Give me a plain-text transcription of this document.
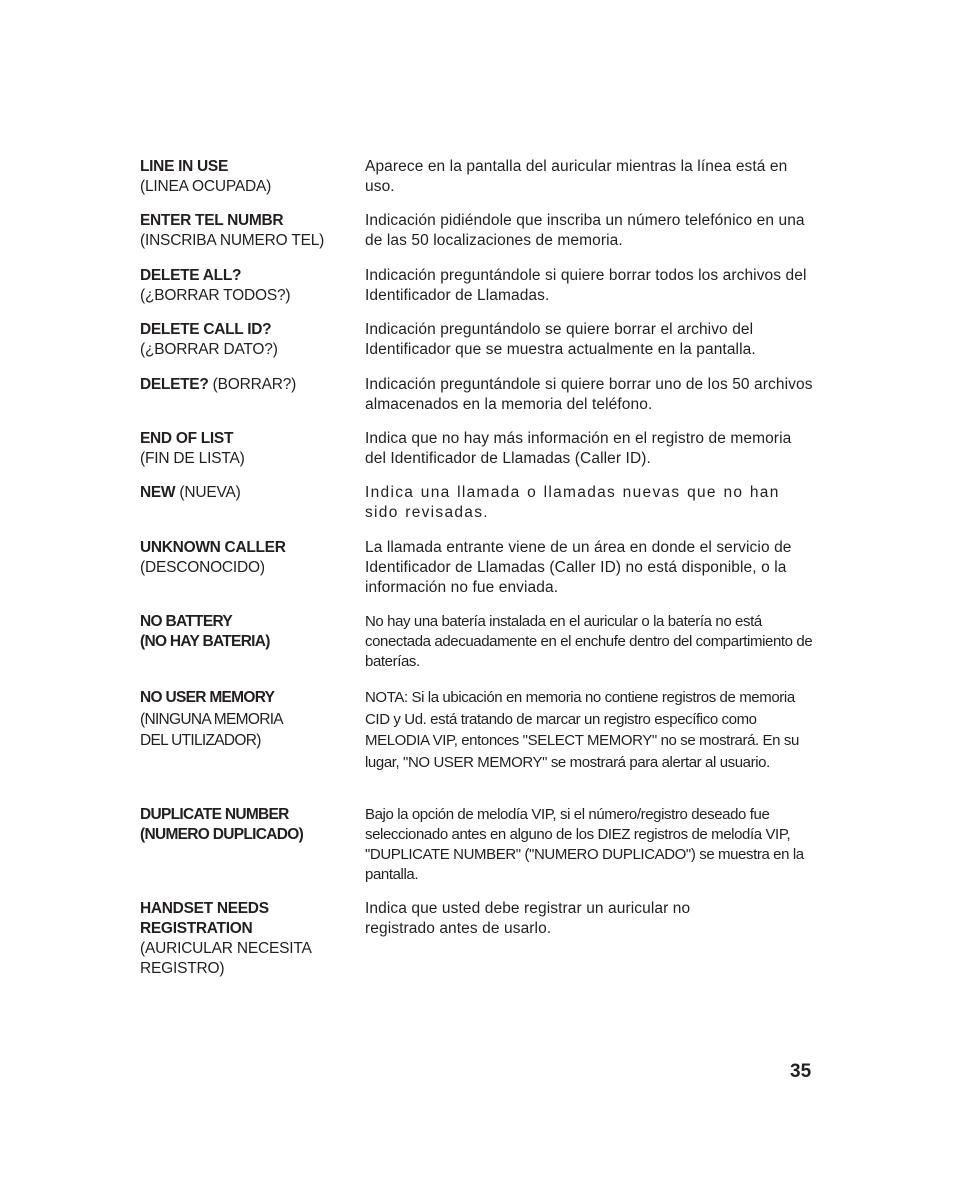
LINE IN USE
(LINEA OCUPADA)
Aparece en la pantalla del auricular mientras la línea está en uso.
ENTER TEL NUMBR
(INSCRIBA NUMERO TEL)
Indicación pidiéndole que inscriba un número telefónico en una de las 50 localizaciones de memoria.
DELETE ALL?
(¿BORRAR TODOS?)
Indicación preguntándole si quiere borrar todos los archivos del Identificador de Llamadas.
DELETE CALL ID?
(¿BORRAR DATO?)
Indicación preguntándolo se quiere borrar el archivo del Identificador que se muestra actualmente en la pantalla.
DELETE? (BORRAR?)	Indicación preguntándole si quiere borrar uno de los 50 archivos almacenados en la memoria del teléfono.
END OF LIST
(FIN DE LISTA)
Indica que no hay más información en el registro de memoria del Identificador de Llamadas (Caller ID).
NEW (NUEVA)	Indica una llamada o llamadas nuevas que no han sido revisadas.
UNKNOWN CALLER
(DESCONOCIDO)
La llamada entrante viene de un área en donde el servicio de Identificador de Llamadas (Caller ID) no está disponible, o la información no fue enviada.
NO BATTERY
(NO HAY BATERIA)
No hay una batería instalada en el auricular o la batería no está conectada adecuadamente en el enchufe dentro del compartimiento de baterías.
NO USER MEMORY
(NINGUNA MEMORIA DEL UTILIZADOR)
NOTA: Si la ubicación en memoria no contiene registros de memoria CID y Ud. está tratando de marcar un registro específico como MELODIA VIP, entonces "SELECT MEMORY" no se mostrará. En su lugar, "NO USER MEMORY" se mostrará para alertar al usuario.
DUPLICATE NUMBER
(NUMERO DUPLICADO)
Bajo la opción de melodía VIP, si el número/registro deseado fue seleccionado antes en alguno de los DIEZ registros de melodía VIP, "DUPLICATE NUMBER" ("NUMERO DUPLICADO") se muestra en la pantalla.
HANDSET NEEDS REGISTRATION
(AURICULAR NECESITA REGISTRO)
Indica que usted debe registrar un auricular no registrado antes de usarlo.
35
